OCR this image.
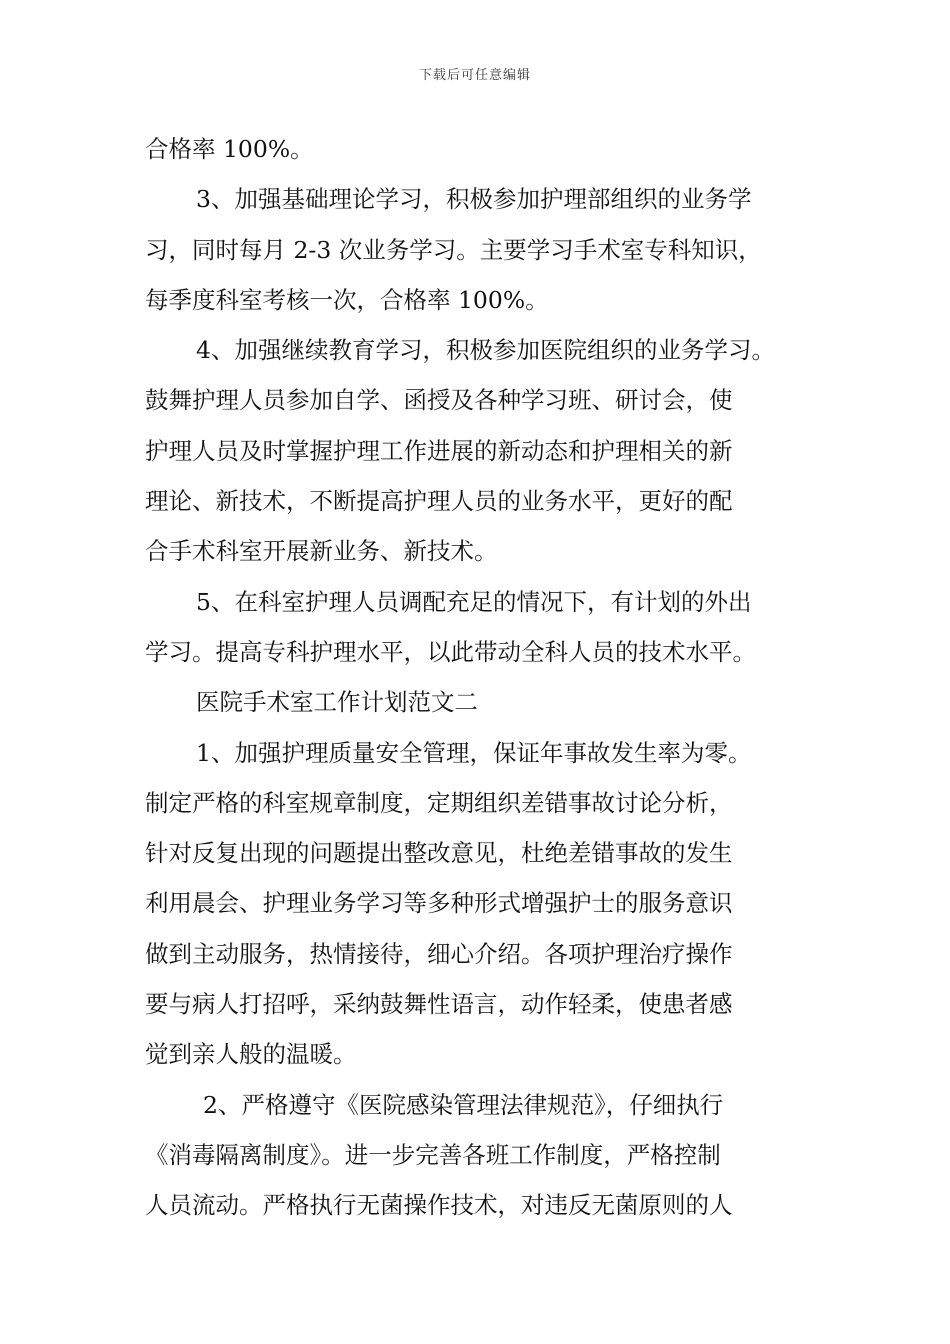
下载后可任意编辑
合格率 100%。
3、加强基础理论学习，积极参加护理部组织的业务学
习，同时每月 2-3 次业务学习。主要学习手术室专科知识，
每季度科室考核一次，合格率 100%。
4、加强继续教育学习，积极参加医院组织的业务学习。
鼓舞护理人员参加自学、函授及各种学习班、研讨会，使
护理人员及时掌握护理工作进展的新动态和护理相关的新
理论、新技术，不断提高护理人员的业务水平，更好的配
合手术科室开展新业务、新技术。
5、在科室护理人员调配充足的情况下，有计划的外出
学习。提高专科护理水平，以此带动全科人员的技术水平。
医院手术室工作计划范文二
1、加强护理质量安全管理，保证年事故发生率为零。
制定严格的科室规章制度，定期组织差错事故讨论分析，
针对反复出现的问题提出整改意见，杜绝差错事故的发生
利用晨会、护理业务学习等多种形式增强护士的服务意识
做到主动服务，热情接待，细心介绍。各项护理治疗操作
要与病人打招呼，采纳鼓舞性语言，动作轻柔，使患者感
觉到亲人般的温暖。
2、严格遵守《医院感染管理法律规范》，仔细执行
《消毒隔离制度》。进一步完善各班工作制度，严格控制
人员流动。严格执行无菌操作技术，对违反无菌原则的人
